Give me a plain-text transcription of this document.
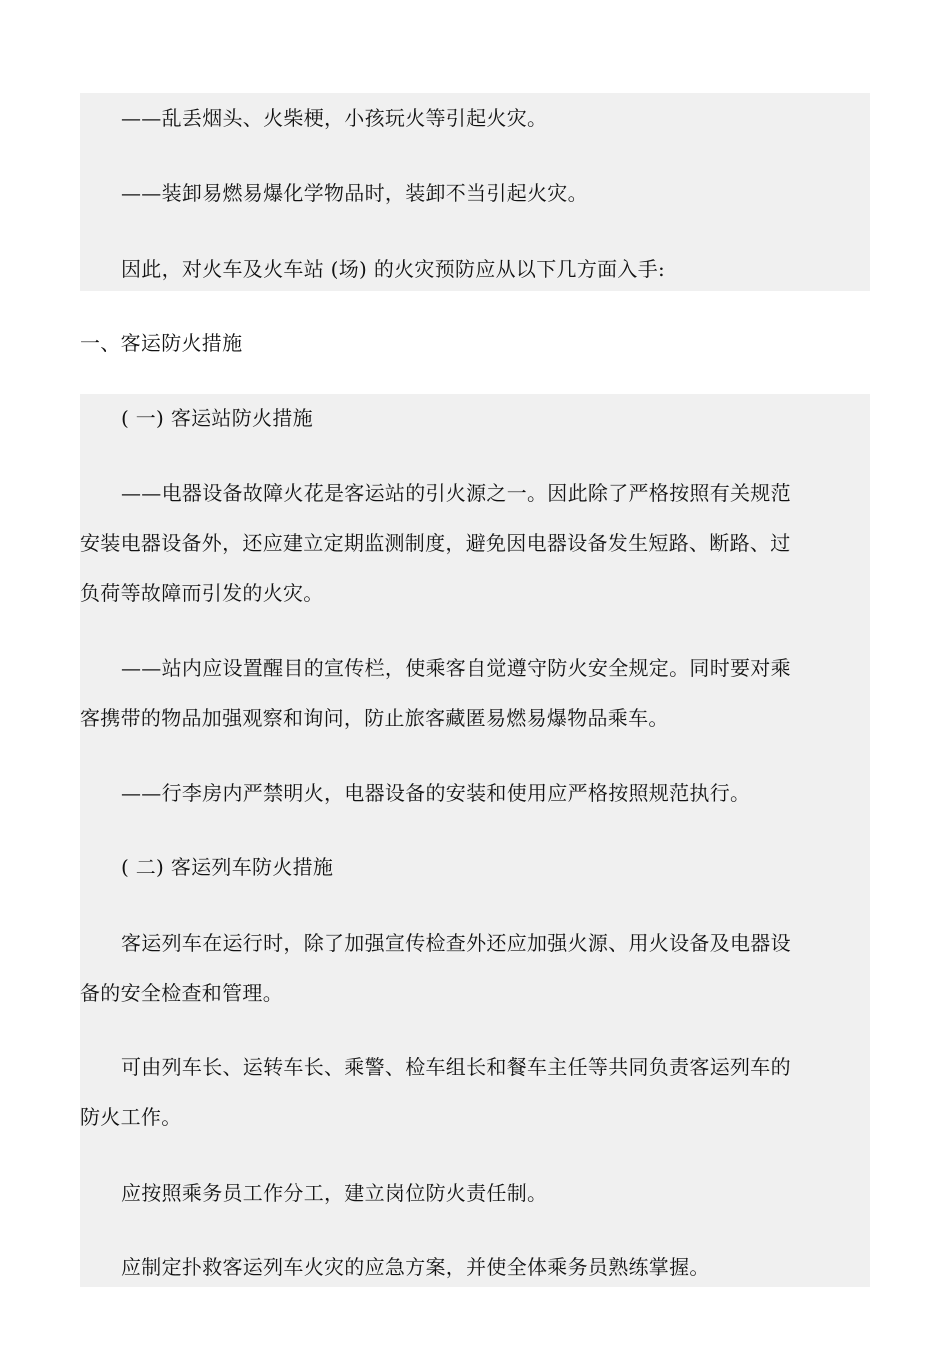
——乱丢烟头、火柴梗，小孩玩火等引起火灾。

——装卸易燃易爆化学物品时，装卸不当引起火灾。

因此，对火车及火车站 (场) 的火灾预防应从以下几方面入手:

一、客运防火措施

( 一) 客运站防火措施

——电器设备故障火花是客运站的引火源之一。因此除了严格按照有关规范

安装电器设备外，还应建立定期监测制度，避免因电器设备发生短路、断路、过

负荷等故障而引发的火灾。

——站内应设置醒目的宣传栏，使乘客自觉遵守防火安全规定。同时要对乘

客携带的物品加强观察和询问，防止旅客藏匿易燃易爆物品乘车。

——行李房内严禁明火，电器设备的安装和使用应严格按照规范执行。

( 二) 客运列车防火措施

客运列车在运行时，除了加强宣传检查外还应加强火源、用火设备及电器设

备的安全检查和管理。

可由列车长、运转车长、乘警、检车组长和餐车主任等共同负责客运列车的

防火工作。

应按照乘务员工作分工，建立岗位防火责任制。

应制定扑救客运列车火灾的应急方案，并使全体乘务员熟练掌握。
